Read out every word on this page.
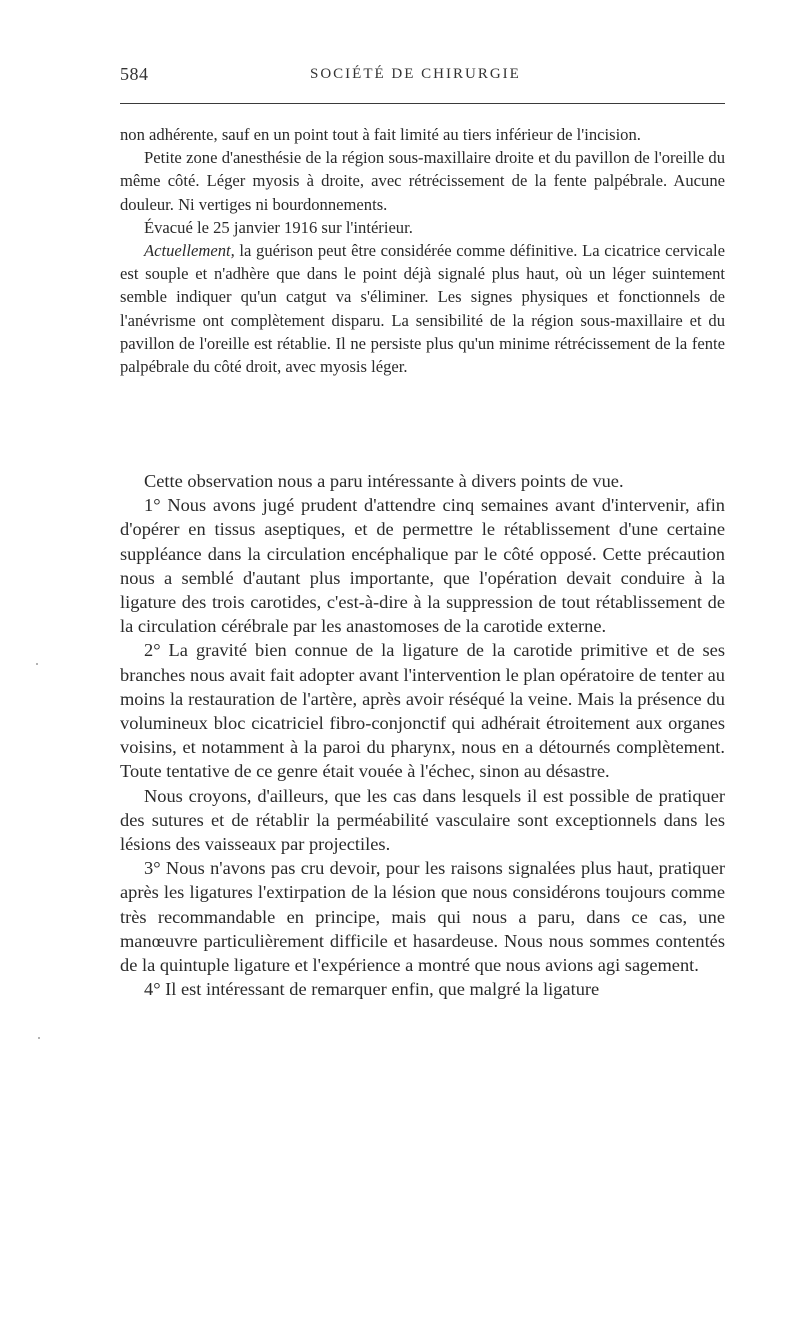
584	SOCIÉTÉ DE CHIRURGIE

non adhérente, sauf en un point tout à fait limité au tiers inférieur de l'incision.

Petite zone d'anesthésie de la région sous-maxillaire droite et du pavillon de l'oreille du même côté. Léger myosis à droite, avec rétrécissement de la fente palpébrale. Aucune douleur. Ni vertiges ni bourdonnements.

Évacué le 25 janvier 1916 sur l'intérieur.

Actuellement, la guérison peut être considérée comme définitive. La cicatrice cervicale est souple et n'adhère que dans le point déjà signalé plus haut, où un léger suintement semble indiquer qu'un catgut va s'éliminer. Les signes physiques et fonctionnels de l'anévrisme ont complètement disparu. La sensibilité de la région sous-maxillaire et du pavillon de l'oreille est rétablie. Il ne persiste plus qu'un minime rétrécissement de la fente palpébrale du côté droit, avec myosis léger.

Cette observation nous a paru intéressante à divers points de vue.

1° Nous avons jugé prudent d'attendre cinq semaines avant d'intervenir, afin d'opérer en tissus aseptiques, et de permettre le rétablissement d'une certaine suppléance dans la circulation encéphalique par le côté opposé. Cette précaution nous a semblé d'autant plus importante, que l'opération devait conduire à la ligature des trois carotides, c'est-à-dire à la suppression de tout rétablissement de la circulation cérébrale par les anastomoses de la carotide externe.

2° La gravité bien connue de la ligature de la carotide primitive et de ses branches nous avait fait adopter avant l'intervention le plan opératoire de tenter au moins la restauration de l'artère, après avoir réséqué la veine. Mais la présence du volumineux bloc cicatriciel fibro-conjonctif qui adhérait étroitement aux organes voisins, et notamment à la paroi du pharynx, nous en a détournés complètement. Toute tentative de ce genre était vouée à l'échec, sinon au désastre.

Nous croyons, d'ailleurs, que les cas dans lesquels il est possible de pratiquer des sutures et de rétablir la perméabilité vasculaire sont exceptionnels dans les lésions des vaisseaux par projectiles.

3° Nous n'avons pas cru devoir, pour les raisons signalées plus haut, pratiquer après les ligatures l'extirpation de la lésion que nous considérons toujours comme très recommandable en principe, mais qui nous a paru, dans ce cas, une manœuvre particulièrement difficile et hasardeuse. Nous nous sommes contentés de la quintuple ligature et l'expérience a montré que nous avions agi sagement.

4° Il est intéressant de remarquer enfin, que malgré la ligature
